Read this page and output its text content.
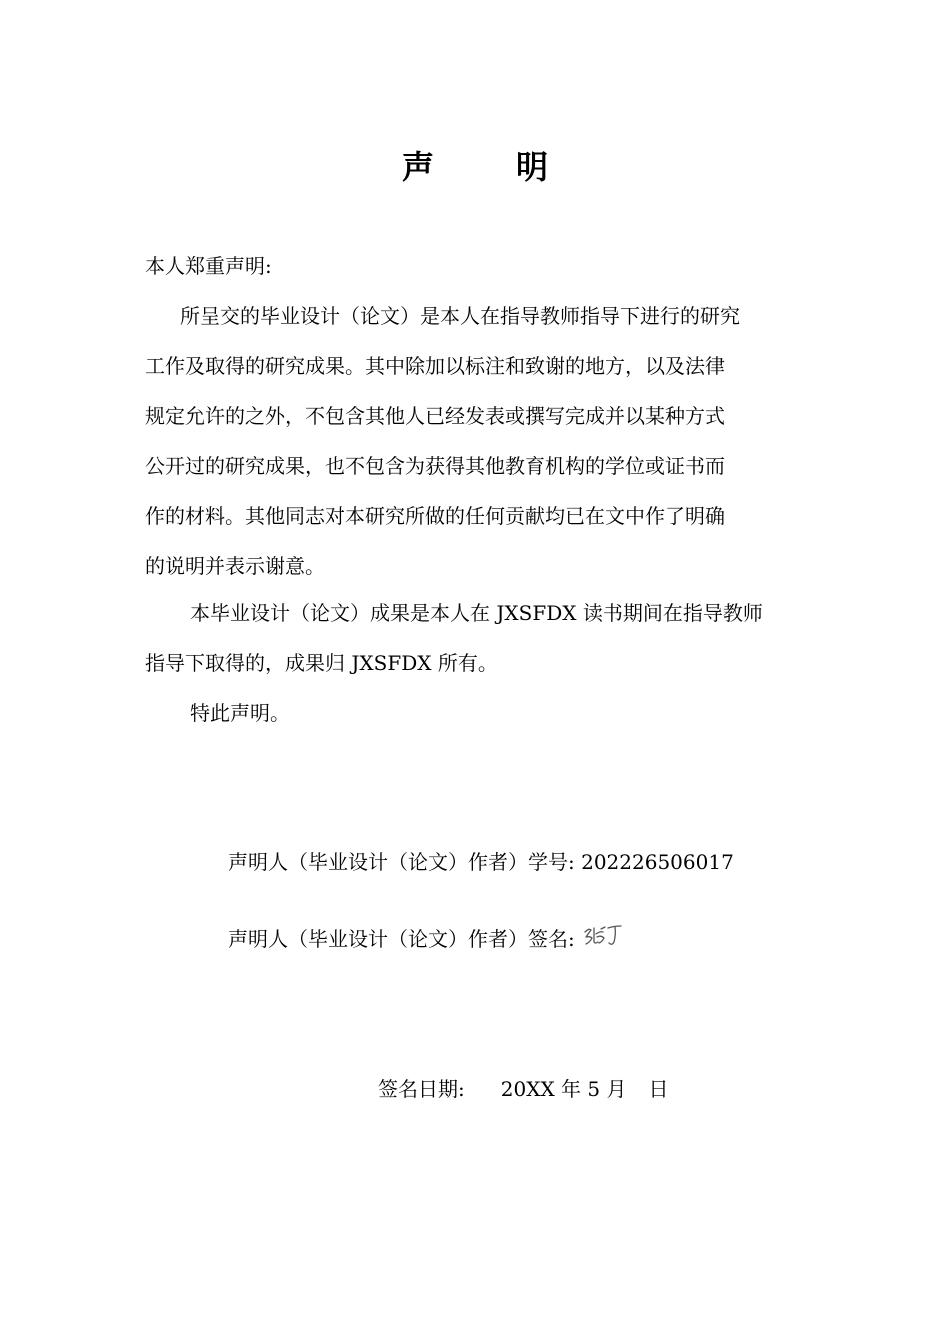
声	明
本人郑重声明:
所呈交的毕业设计（论文）是本人在指导教师指导下进行的研究
工作及取得的研究成果。其中除加以标注和致谢的地方，以及法律
规定允许的之外，不包含其他人已经发表或撰写完成并以某种方式
公开过的研究成果，也不包含为获得其他教育机构的学位或证书而
作的材料。其他同志对本研究所做的任何贡献均已在文中作了明确
的说明并表示谢意。
本毕业设计（论文）成果是本人在 JXSFDX 读书期间在指导教师
指导下取得的，成果归 JXSFDX 所有。
特此声明。
声明人（毕业设计（论文）作者）学号: 202226506017
声明人（毕业设计（论文）作者）签名:
签名日期: 20XX 年 5 月 日
